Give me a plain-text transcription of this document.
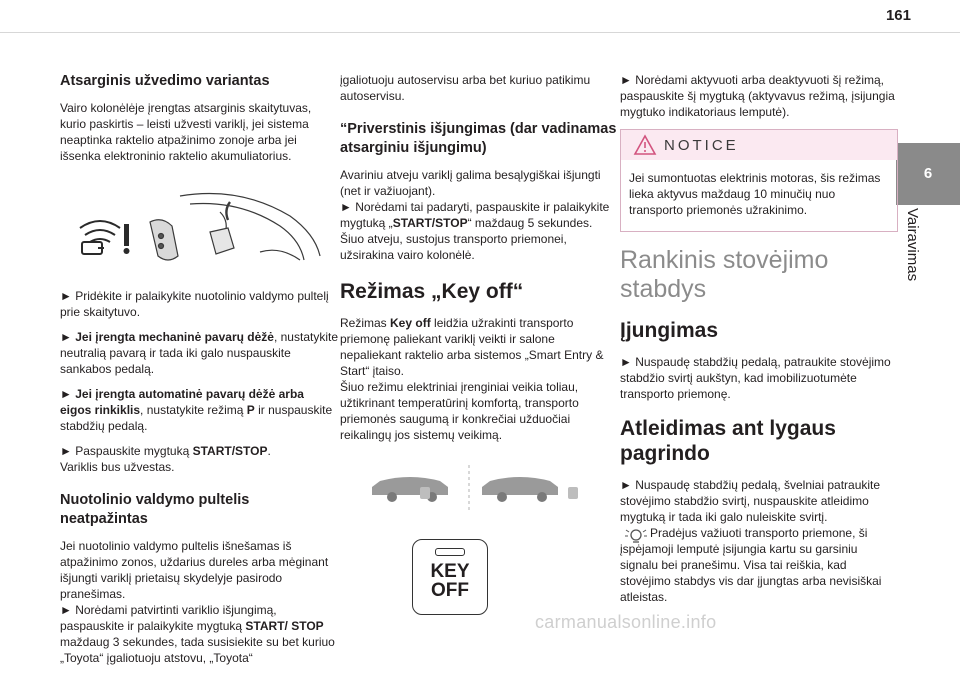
161
6
Vairavimas
Atsarginis užvedimo variantas

Vairo kolonėlėje įrengtas atsarginis skaitytuvas, kurio paskirtis – leisti užvesti variklį, jei sistema neaptinka raktelio atpažinimo zonoje arba jei išsenka elektroninio raktelio akumuliatorius.

► Pridėkite ir palaikykite nuotolinio valdymo pultelį prie skaitytuvo.

► Jei įrengta mechaninė pavarų dėžė, nustatykite neutralią pavarą ir tada iki galo nuspauskite sankabos pedalą.

► Jei įrengta automatinė pavarų dėžė arba eigos rinkiklis, nustatykite režimą P ir nuspauskite stabdžių pedalą.

► Paspauskite mygtuką START/STOP.

Variklis bus užvestas.

Nuotolinio valdymo pultelis neatpažintas

Jei nuotolinio valdymo pultelis išnešamas iš atpažinimo zonos, uždarius dureles arba mėginant išjungti variklį prietaisų skydelyje pasirodo pranešimas.

► Norėdami patvirtinti variklio išjungimą, paspauskite ir palaikykite mygtuką START/ STOP maždaug 3 sekundes, tada susisiekite su bet kuriuo „Toyota“ įgaliotuoju atstovu, „Toyota“

įgaliotuoju autoservisu arba bet kuriuo patikimu autoservisu.

“Priverstinis išjungimas (dar vadinamas atsarginiu išjungimu)

Avariniu atveju variklį galima besąlygiškai išjungti (net ir važiuojant).

► Norėdami tai padaryti, paspauskite ir palaikykite mygtuką „START/STOP“ maždaug 5 sekundes.

Šiuo atveju, sustojus transporto priemonei, užsirakina vairo kolonėlė.

Režimas „Key off“

Režimas Key off leidžia užrakinti transporto priemonę paliekant variklį veikti ir salone nepaliekant raktelio arba sistemos „Smart Entry & Start“ įtaiso.

Šiuo režimu elektriniai įrenginiai veikia toliau, užtikrinant temperatūrinį komfortą, transporto priemonės saugumą ir konkrečiai užduočiai reikalingų jos sistemų veikimą.

KEY
OFF

► Norėdami aktyvuoti arba deaktyvuoti šį režimą, paspauskite šį mygtuką (aktyvavus režimą, įsijungia mygtuko indikatoriaus lemputė).

NOTICE

Jei sumontuotas elektrinis motoras, šis režimas lieka aktyvus maždaug 10 minučių nuo transporto priemonės užrakinimo.

Rankinis stovėjimo stabdys
Įjungimas

► Nuspaudę stabdžių pedalą, patraukite stovėjimo stabdžio svirtį aukštyn, kad imobilizuotumėte transporto priemonę.

Atleidimas ant lygaus pagrindo

► Nuspaudę stabdžių pedalą, švelniai patraukite stovėjimo stabdžio svirtį, nuspauskite atleidimo mygtuką ir tada iki galo nuleiskite svirtį.

Pradėjus važiuoti transporto priemone, ši įspėjamoji lemputė įsijungia kartu su garsiniu signalu bei pranešimu. Visa tai reiškia, kad stovėjimo stabdys vis dar įjungtas arba nevisiškai atleistas.

carmanualsonline.info
